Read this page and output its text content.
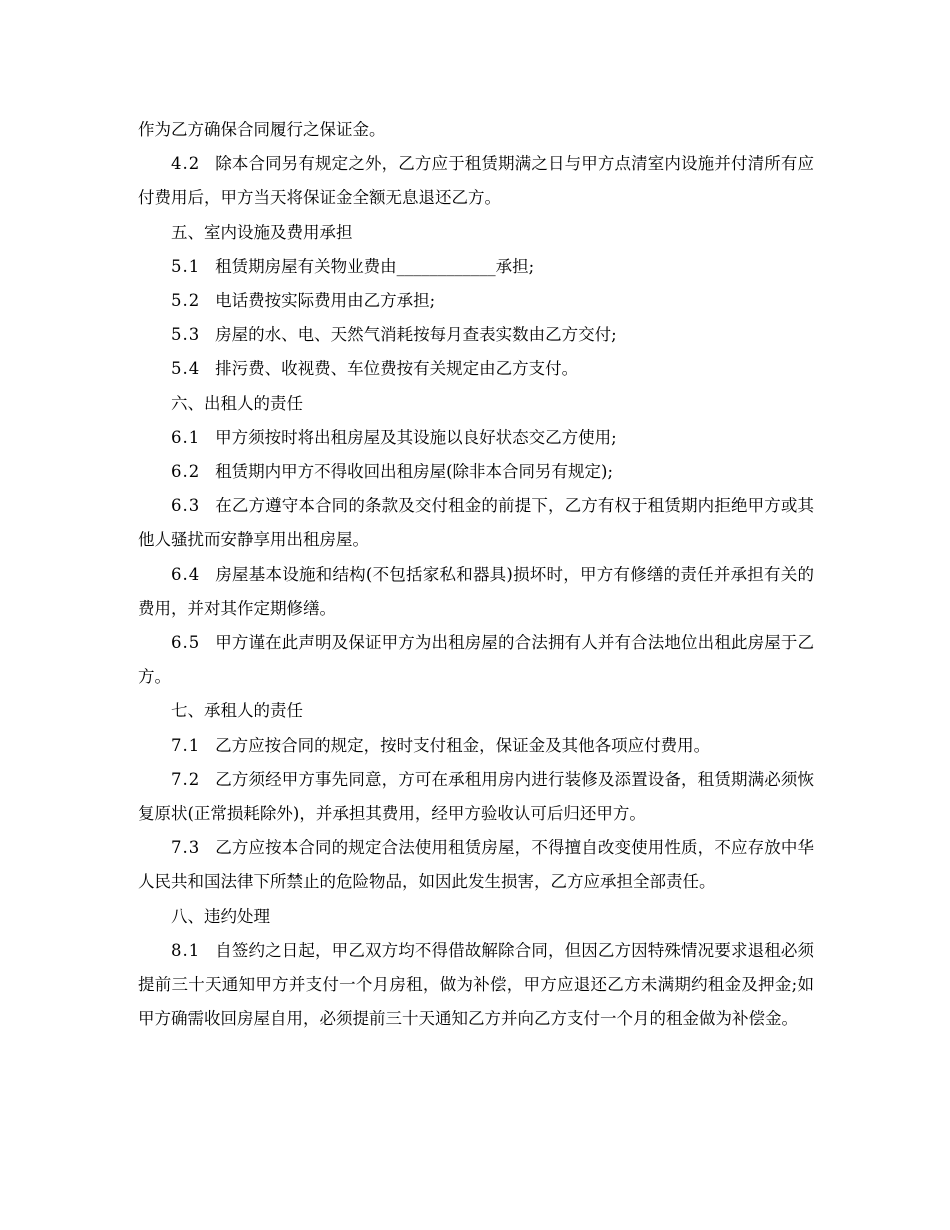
作为乙方确保合同履行之保证金。

4.2 除本合同另有规定之外，乙方应于租赁期满之日与甲方点清室内设施并付清所有应付费用后，甲方当天将保证金全额无息退还乙方。

五、室内设施及费用承担

5.1 租赁期房屋有关物业费由____________承担;

5.2 电话费按实际费用由乙方承担;

5.3 房屋的水、电、天然气消耗按每月查表实数由乙方交付;

5.4 排污费、收视费、车位费按有关规定由乙方支付。

六、出租人的责任

6.1 甲方须按时将出租房屋及其设施以良好状态交乙方使用;

6.2 租赁期内甲方不得收回出租房屋(除非本合同另有规定);

6.3 在乙方遵守本合同的条款及交付租金的前提下，乙方有权于租赁期内拒绝甲方或其他人骚扰而安静享用出租房屋。

6.4 房屋基本设施和结构(不包括家私和器具)损坏时，甲方有修缮的责任并承担有关的费用，并对其作定期修缮。

6.5 甲方谨在此声明及保证甲方为出租房屋的合法拥有人并有合法地位出租此房屋于乙方。

七、承租人的责任

7.1 乙方应按合同的规定，按时支付租金，保证金及其他各项应付费用。

7.2 乙方须经甲方事先同意，方可在承租用房内进行装修及添置设备，租赁期满必须恢复原状(正常损耗除外)，并承担其费用，经甲方验收认可后归还甲方。

7.3 乙方应按本合同的规定合法使用租赁房屋，不得擅自改变使用性质，不应存放中华人民共和国法律下所禁止的危险物品，如因此发生损害，乙方应承担全部责任。

八、违约处理

8.1 自签约之日起，甲乙双方均不得借故解除合同，但因乙方因特殊情况要求退租必须提前三十天通知甲方并支付一个月房租，做为补偿，甲方应退还乙方未满期约租金及押金;如甲方确需收回房屋自用，必须提前三十天通知乙方并向乙方支付一个月的租金做为补偿金。
